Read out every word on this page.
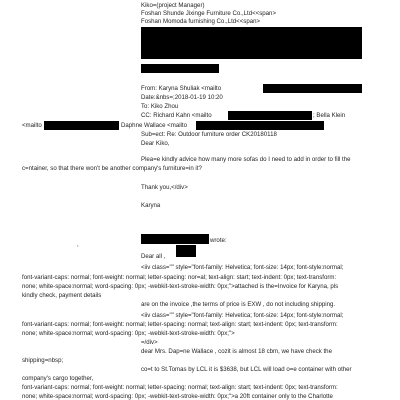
Kiko=(project Manager)
Foshan Shunde Jixinge Furniture Co.,Ltd<<span>
Foshan Momoda furnishing Co.,Ltd<<span>
From: Karyna Shuliak <mailto
Date:&nbs=;2018-01-19 10:20
To: Kiko Zhou
CC: Richard Kahn <mailto	; Bella Klein
<mailto	Daphne Wallace <mailto
Sub=ect: Re: Outdoor furniture order CK20180118
Dear Kiko,
Plea=e kindly advice how many more sofas do I need to add in order to fill the
c=ntainer, so that there won't be another company's furniture=in it?
Thank you,</div>
Karyna
,
wrote:
Dear all ,
<iiv class="" style="font-family: Helvetica; font-size: 14px; font-style:normal;
font-variant-caps: normal; font-weight: normal; letter-spacing: nor=al; text-align: start; text-indent: 0px; text-transform:
none; white-space:normal; word-spacing: 0px; -webkit-text-stroke-width: 0px;">attached is the=Invoice for Karyna, pls
kindly check, payment details
are on the invoice ,the terms of price is EXW , do not including shipping.
<iiv class="" style="font-family: Helvetica; font-size: 14px; font-style:normal;
font-variant-caps: normal; font-weight: normal; letter-spacing: normal; text-align: start; text-indent: 0px; text-transform:
none; white-space:normal; word-spacing: 0px; -webkit-text-stroke-width: 0px;">
=/div>
dear Mrs. Dap=ne Wallace , cozit is almost 18 cbm, we have check the
shipping=nbsp;
co=t to St.Tomas by LCL it is $3638, but LCL will load o=e container with other
company's cargo together,
font-variant-caps: normal; font-weight: normal; letter-spacing: normal; text-align: start; text-indent: 0px; text-transform:
none; white-space:normal; word-spacing: 0px; -webkit-text-stroke-width: 0px;">a 20ft container only to the Charlotte
